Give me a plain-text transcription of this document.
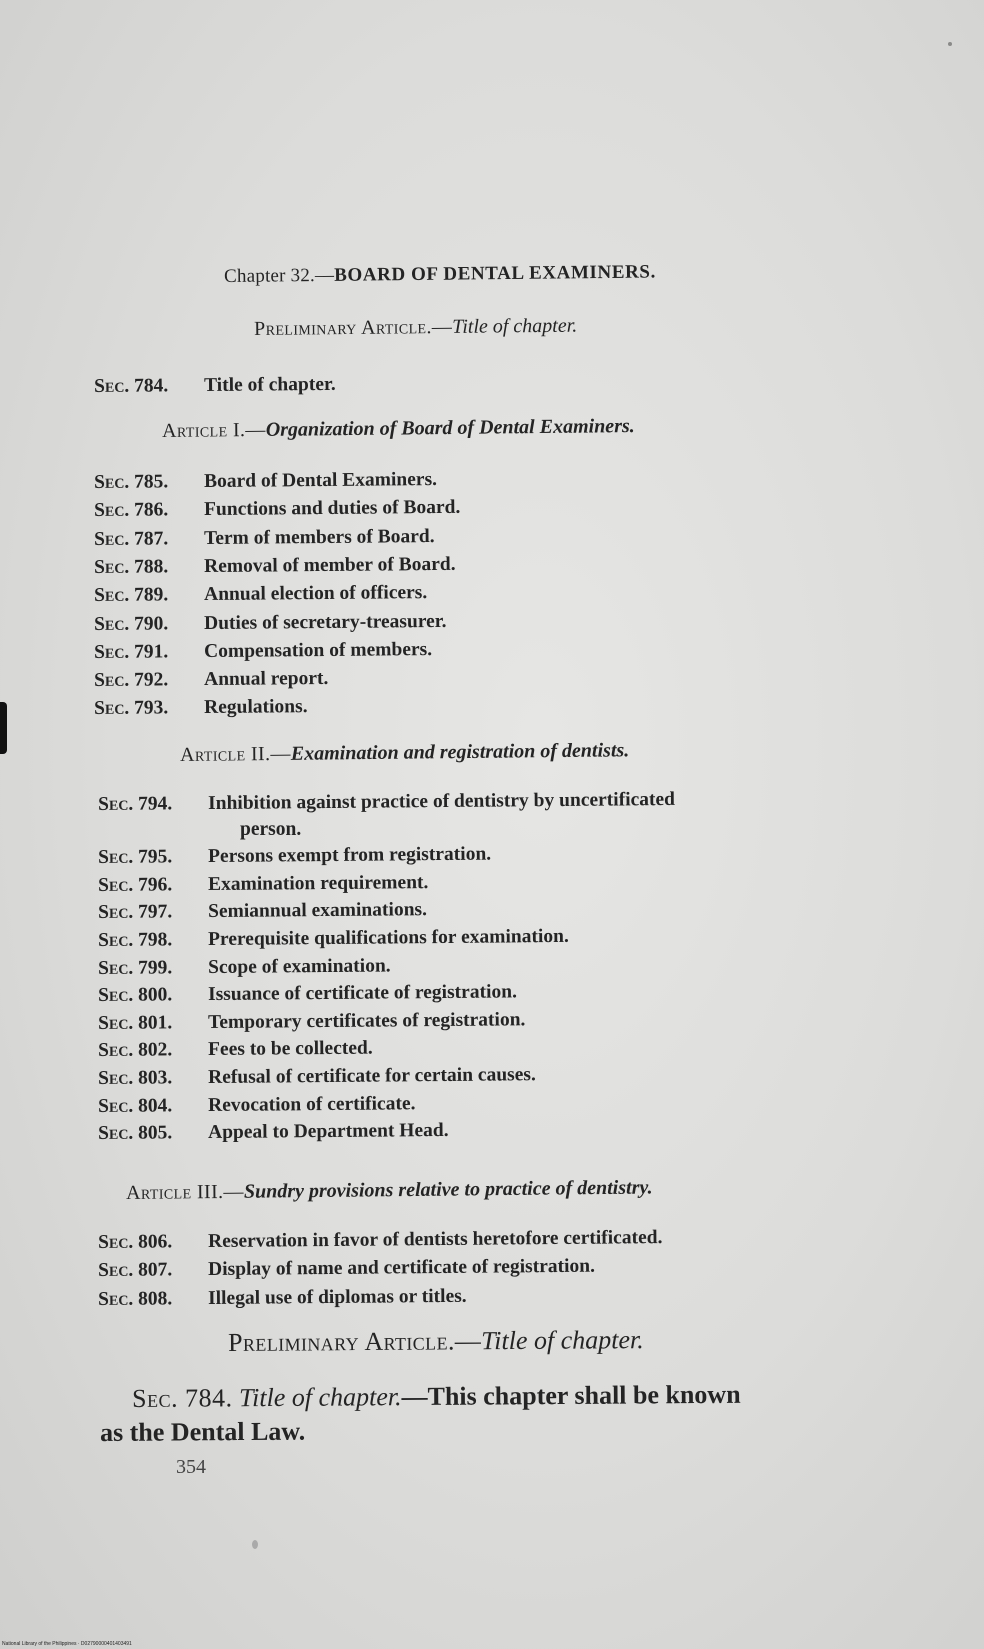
Chapter 32.—BOARD OF DENTAL EXAMINERS.
Preliminary Article.—Title of chapter.
Sec. 784. Title of chapter.
Article I.—Organization of Board of Dental Examiners.
Sec. 785. Board of Dental Examiners.
Sec. 786. Functions and duties of Board.
Sec. 787. Term of members of Board.
Sec. 788. Removal of member of Board.
Sec. 789. Annual election of officers.
Sec. 790. Duties of secretary-treasurer.
Sec. 791. Compensation of members.
Sec. 792. Annual report.
Sec. 793. Regulations.
Article II.—Examination and registration of dentists.
Sec. 794. Inhibition against practice of dentistry by uncertificated
person.
Sec. 795. Persons exempt from registration.
Sec. 796. Examination requirement.
Sec. 797. Semiannual examinations.
Sec. 798. Prerequisite qualifications for examination.
Sec. 799. Scope of examination.
Sec. 800. Issuance of certificate of registration.
Sec. 801. Temporary certificates of registration.
Sec. 802. Fees to be collected.
Sec. 803. Refusal of certificate for certain causes.
Sec. 804. Revocation of certificate.
Sec. 805. Appeal to Department Head.
Article III.—Sundry provisions relative to practice of dentistry.
Sec. 806. Reservation in favor of dentists heretofore certificated.
Sec. 807. Display of name and certificate of registration.
Sec. 808. Illegal use of diplomas or titles.
Preliminary Article.—Title of chapter.
Sec. 784. Title of chapter.—This chapter shall be known
as the Dental Law.
354
National Library of the Philippines · D02790000401403491
